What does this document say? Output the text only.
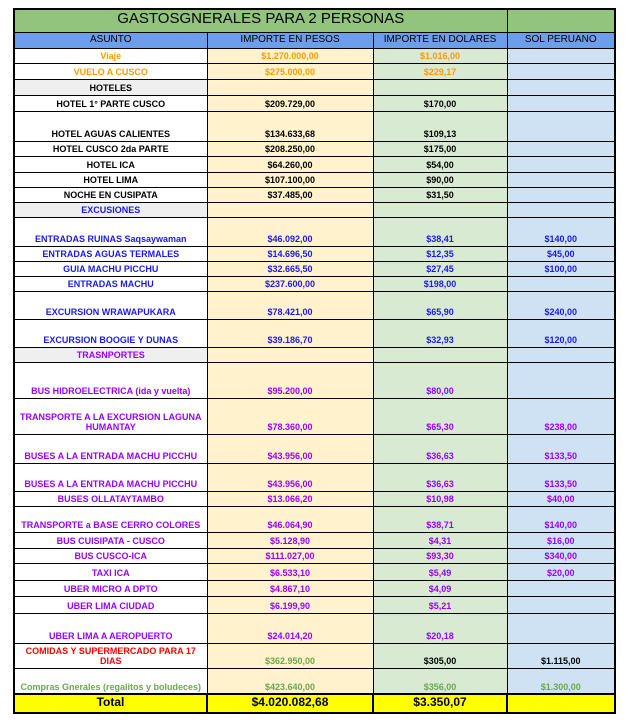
GASTOSGNERALES PARA 2 PERSONAS			
ASUNTO	IMPORTE EN PESOS	IMPORTE EN DOLARES	SOL PERUANO
Viaje	$1.270.000,00	$1.016,00	
VUELO A CUSCO	$275.000,00	$229,17	
HOTELES			
HOTEL 1° PARTE CUSCO	$209.729,00	$170,00	
HOTEL AGUAS CALIENTES	$134.633,68	$109,13	
HOTEL CUSCO 2da PARTE	$208.250,00	$175,00	
HOTEL ICA	$64.260,00	$54,00	
HOTEL LIMA	$107.100,00	$90,00	
NOCHE EN CUSIPATA	$37.485,00	$31,50	
EXCUSIONES			
ENTRADAS RUINAS Saqsaywaman	$46.092,00	$38,41	$140,00
ENTRADAS AGUAS TERMALES	$14.696,50	$12,35	$45,00
GUIA MACHU PICCHU	$32.665,50	$27,45	$100,00
ENTRADAS MACHU	$237.600,00	$198,00	
EXCURSION WRAWAPUKARA	$78.421,00	$65,90	$240,00
EXCURSION BOOGIE Y DUNAS	$39.186,70	$32,93	$120,00
TRASNPORTES			
BUS HIDROELECTRICA (ida y vuelta)	$95.200,00	$80,00	
TRANSPORTE A LA EXCURSION LAGUNA HUMANTAY	$78.360,00	$65,30	$238,00
BUSES A LA ENTRADA MACHU PICCHU	$43.956,00	$36,63	$133,50
BUSES A LA ENTRADA MACHU PICCHU	$43.956,00	$36,63	$133,50
BUSES OLLATAYTAMBO	$13.066,20	$10,98	$40,00
TRANSPORTE a BASE CERRO COLORES	$46.064,90	$38,71	$140,00
BUS CUISIPATA - CUSCO	$5.128,90	$4,31	$16,00
BUS CUSCO-ICA	$111.027,00	$93,30	$340,00
TAXI ICA	$6.533,10	$5,49	$20,00
UBER MICRO A DPTO	$4.867,10	$4,09	
UBER LIMA CIUDAD	$6.199,90	$5,21	
UBER LIMA A AEROPUERTO	$24.014,20	$20,18	
COMIDAS Y SUPERMERCADO PARA 17 DIAS	$362.950,00	$305,00	$1.115,00
Compras Gnerales (regalitos y boludeces)	$423.640,00	$356,00	$1.300,00
Total	$4.020.082,68	$3.350,07	
